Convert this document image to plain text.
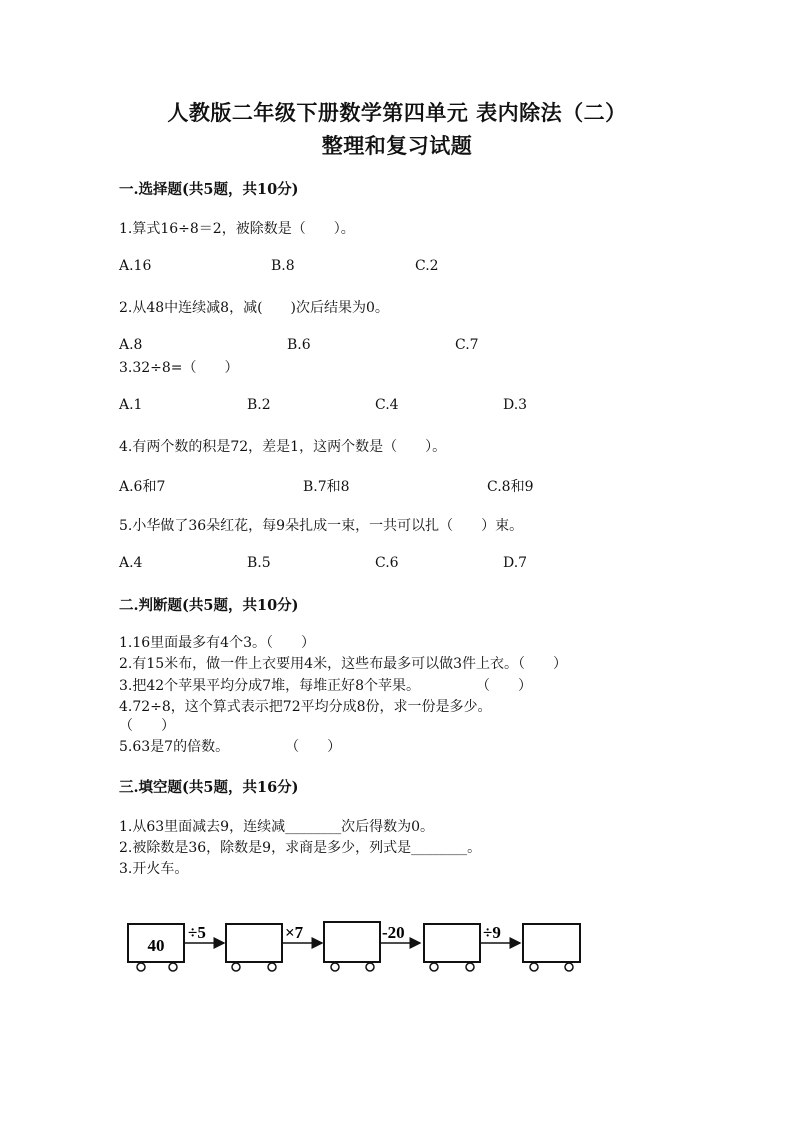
人教版二年级下册数学第四单元 表内除法（二）
整理和复习试题
一.选择题(共5题，共10分)
1.算式16÷8＝2，被除数是（　　）。
A.16	B.8	C.2
2.从48中连续减8，减(　　)次后结果为0。
A.8	B.6	C.7
3.32÷8=（　　）
A.1	B.2	C.4	D.3
4.有两个数的积是72，差是1，这两个数是（　　）。
A.6和7	B.7和8	C.8和9
5.小华做了36朵红花，每9朵扎成一束，一共可以扎（　　）束。
A.4	B.5	C.6	D.7
二.判断题(共5题，共10分)
1.16里面最多有4个3。（　　）
2.有15米布，做一件上衣要用4米，这些布最多可以做3件上衣。（　　）
3.把42个苹果平均分成7堆，每堆正好8个苹果。　　　　　（　　）
4.72÷8，这个算式表示把72平均分成8份，求一份是多少。
（　　）
5.63是7的倍数。　　　　　（　　）
三.填空题(共5题，共16分)
1.从63里面减去9，连续减________次后得数为0。
2.被除数是36，除数是9，求商是多少，列式是________。
3.开火车。
40
÷5	×7	-20	÷9
